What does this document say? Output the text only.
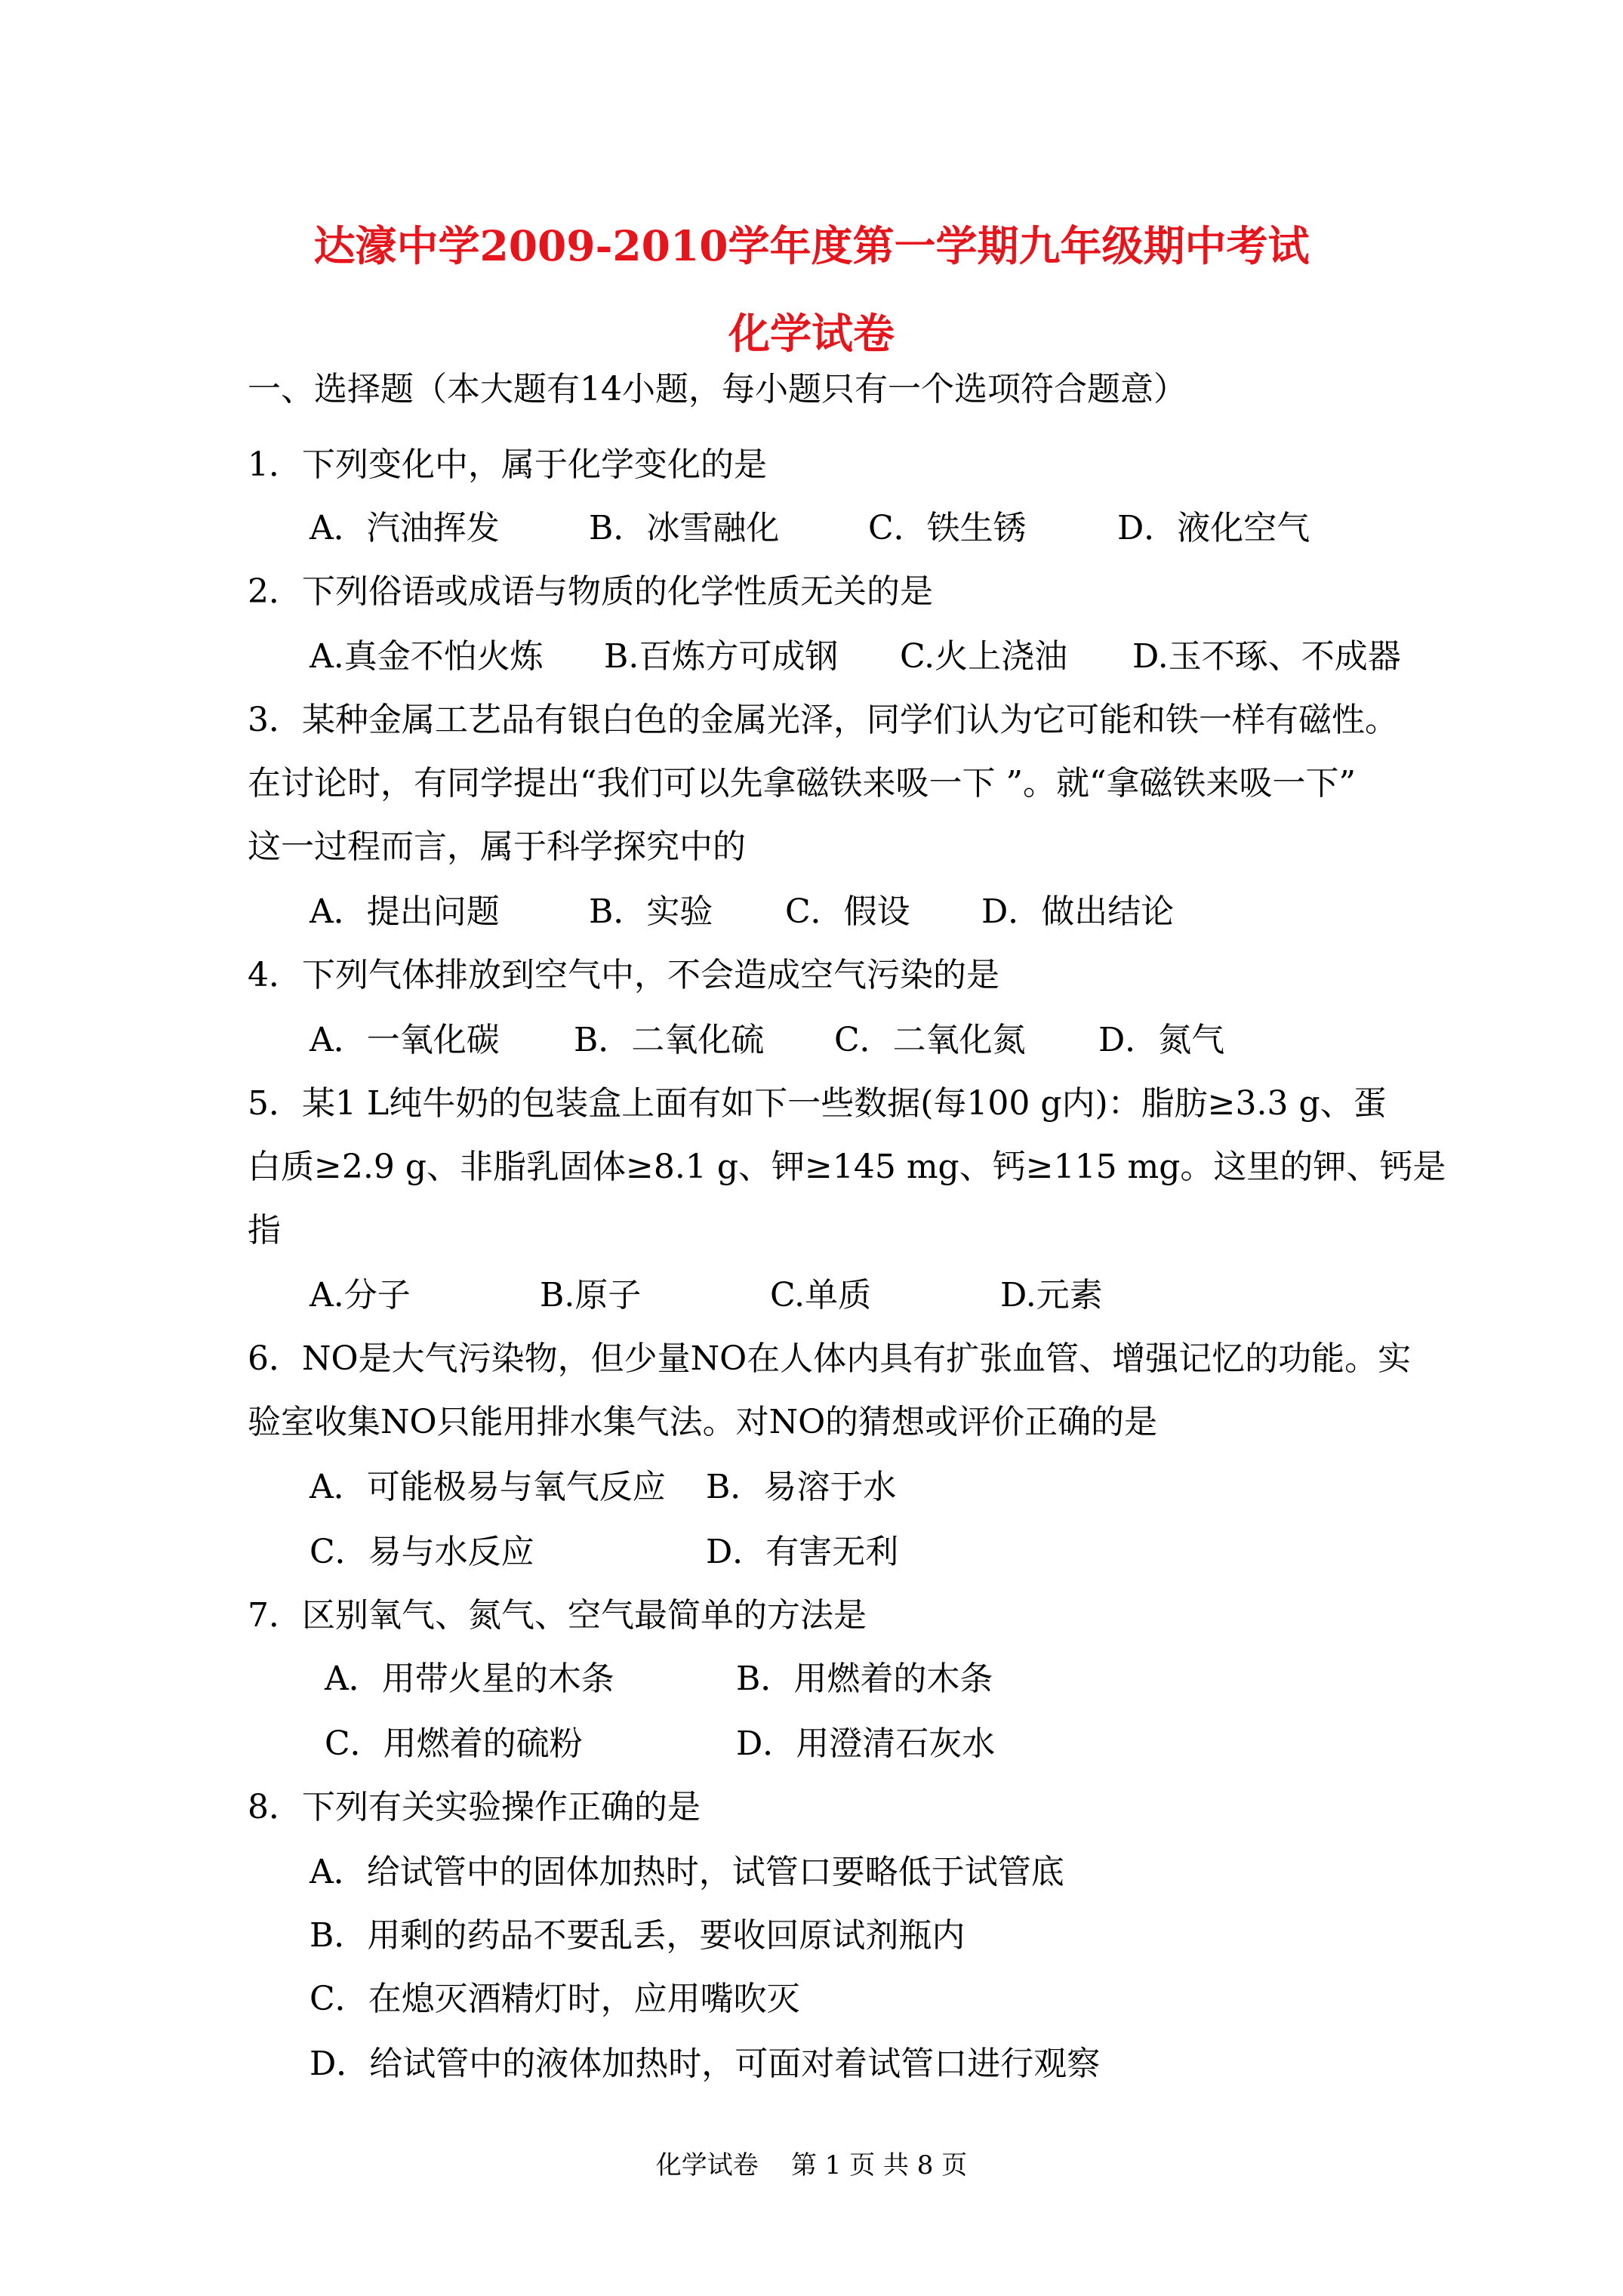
达濠中学2009-2010学年度第一学期九年级期中考试
化学试卷
一、选择题（本大题有14小题，每小题只有一个选项符合题意）
1．下列变化中，属于化学变化的是
A．汽油挥发	B．冰雪融化	C．铁生锈	D．液化空气
2．下列俗语或成语与物质的化学性质无关的是
A.真金不怕火炼 B.百炼方可成钢 C.火上浇油 D.玉不琢、不成器
3．某种金属工艺品有银白色的金属光泽，同学们认为它可能和铁一样有磁性。
在讨论时，有同学提出“我们可以先拿磁铁来吸一下 ”。就“拿磁铁来吸一下”
这一过程而言，属于科学探究中的
A．提出问题	B．实验 C．假设 D．做出结论
4．下列气体排放到空气中，不会造成空气污染的是
A．一氧化碳 B．二氧化硫 C．二氧化氮 D．氮气
5．某1 L纯牛奶的包装盒上面有如下一些数据(每100 g内)：脂肪≥3.3 g、蛋
白质≥2.9 g、非脂乳固体≥8.1 g、钾≥145 mg、钙≥115 mg。这里的钾、钙是
指
A.分子	B.原子	C.单质	D.元素
6．NO是大气污染物，但少量NO在人体内具有扩张血管、增强记忆的功能。实
验室收集NO只能用排水集气法。对NO的猜想或评价正确的是
A．可能极易与氧气反应 B．易溶于水
C．易与水反应	D．有害无利
7．区别氧气、氮气、空气最简单的方法是
A．用带火星的木条	B．用燃着的木条
C．用燃着的硫粉	D．用澄清石灰水
8．下列有关实验操作正确的是
A．给试管中的固体加热时，试管口要略低于试管底
B．用剩的药品不要乱丢，要收回原试剂瓶内
C．在熄灭酒精灯时，应用嘴吹灭
D．给试管中的液体加热时，可面对着试管口进行观察
化学试卷    第 1 页 共 8 页
